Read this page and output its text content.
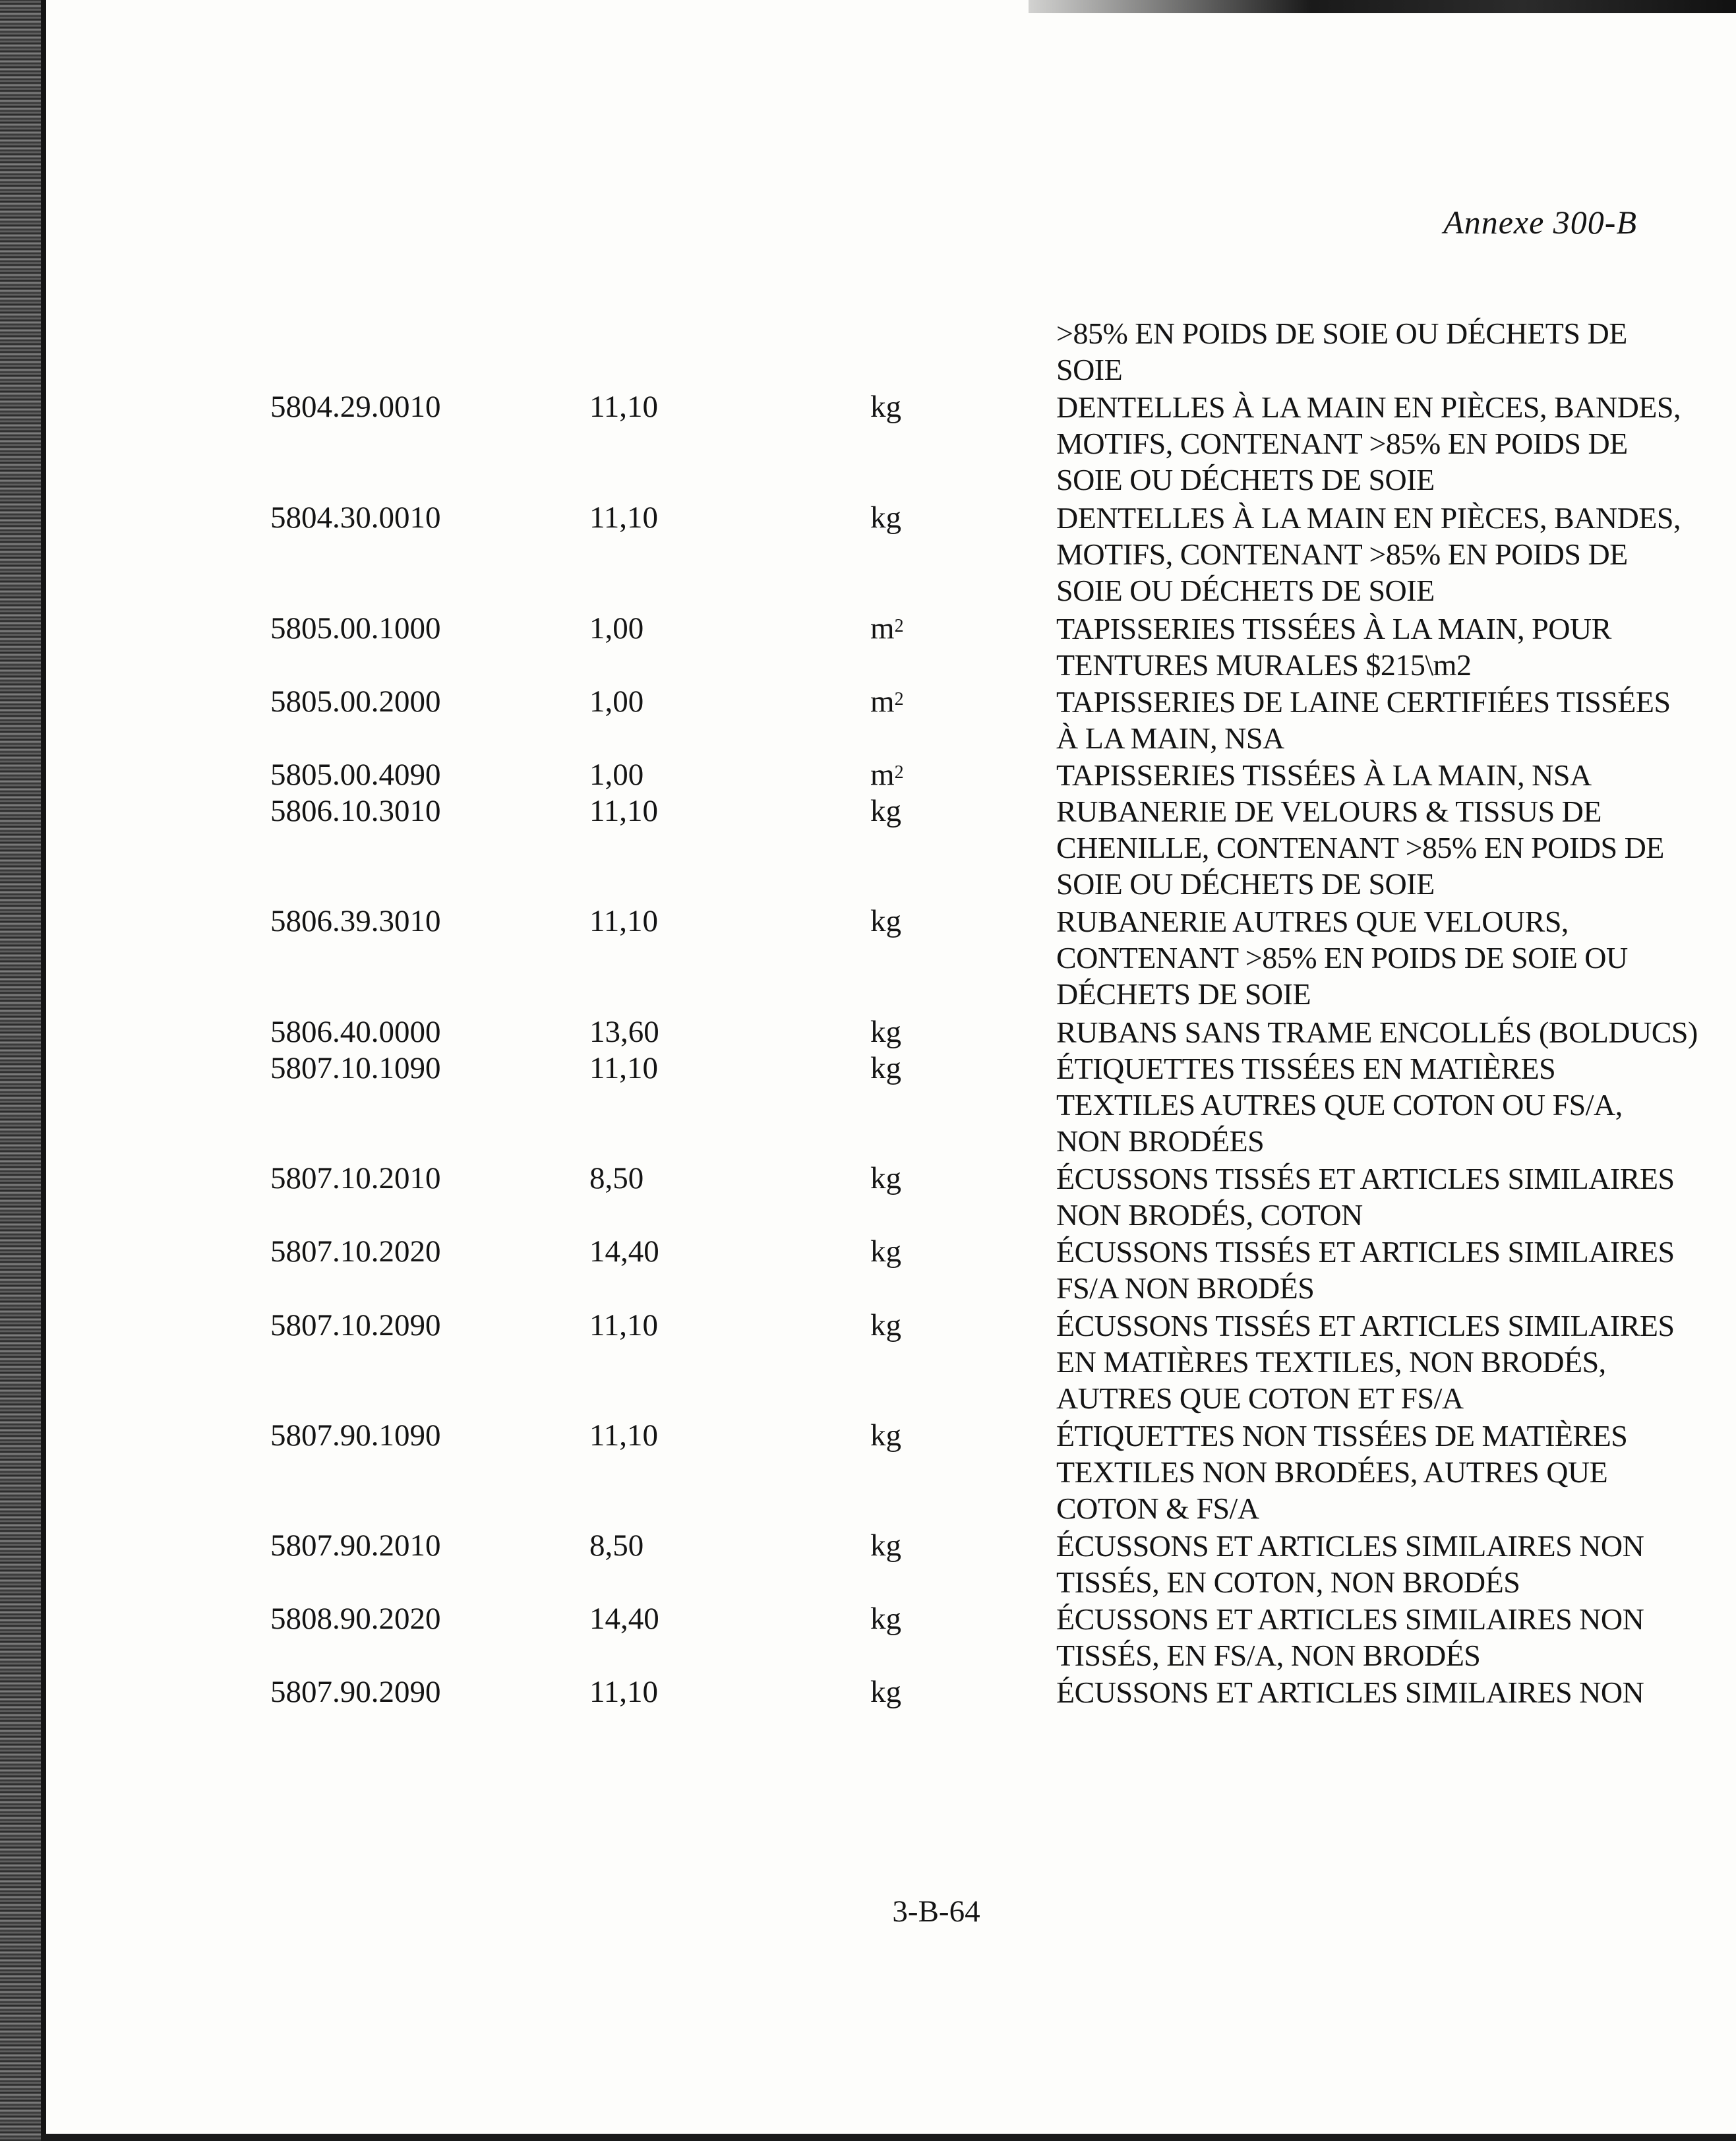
Annexe 300-B
>85% EN POIDS DE SOIE OU DÉCHETS DE
SOIE
5804.29.0010	11,10	kg	DENTELLES À LA MAIN EN PIÈCES, BANDES,
MOTIFS, CONTENANT >85% EN POIDS DE
SOIE OU DÉCHETS DE SOIE
5804.30.0010	11,10	kg	DENTELLES À LA MAIN EN PIÈCES, BANDES,
MOTIFS, CONTENANT >85% EN POIDS DE
SOIE OU DÉCHETS DE SOIE
5805.00.1000	1,00	$m^2$	TAPISSERIES TISSÉES À LA MAIN, POUR
TENTURES MURALES $215\m2
5805.00.2000	1,00	$m^2$	TAPISSERIES DE LAINE CERTIFIÉES TISSÉES
À LA MAIN, NSA
5805.00.4090	1,00	$m^2$	TAPISSERIES TISSÉES À LA MAIN, NSA
5806.10.3010	11,10	kg	RUBANERIE DE VELOURS & TISSUS DE
CHENILLE, CONTENANT >85% EN POIDS DE
SOIE OU DÉCHETS DE SOIE
5806.39.3010	11,10	kg	RUBANERIE AUTRES QUE VELOURS,
CONTENANT >85% EN POIDS DE SOIE OU
DÉCHETS DE SOIE
5806.40.0000	13,60	kg	RUBANS SANS TRAME ENCOLLÉS (BOLDUCS)
5807.10.1090	11,10	kg	ÉTIQUETTES TISSÉES EN MATIÈRES
TEXTILES AUTRES QUE COTON OU FS/A,
NON BRODÉES
5807.10.2010	8,50	kg	ÉCUSSONS TISSÉS ET ARTICLES SIMILAIRES
NON BRODÉS, COTON
5807.10.2020	14,40	kg	ÉCUSSONS TISSÉS ET ARTICLES SIMILAIRES
FS/A NON BRODÉS
5807.10.2090	11,10	kg	ÉCUSSONS TISSÉS ET ARTICLES SIMILAIRES
EN MATIÈRES TEXTILES, NON BRODÉS,
AUTRES QUE COTON ET FS/A
5807.90.1090	11,10	kg	ÉTIQUETTES NON TISSÉES DE MATIÈRES
TEXTILES NON BRODÉES, AUTRES QUE
COTON & FS/A
5807.90.2010	8,50	kg	ÉCUSSONS ET ARTICLES SIMILAIRES NON
TISSÉS, EN COTON, NON BRODÉS
5808.90.2020	14,40	kg	ÉCUSSONS ET ARTICLES SIMILAIRES NON
TISSÉS, EN FS/A, NON BRODÉS
5807.90.2090	11,10	kg	ÉCUSSONS ET ARTICLES SIMILAIRES NON
3-B-64
